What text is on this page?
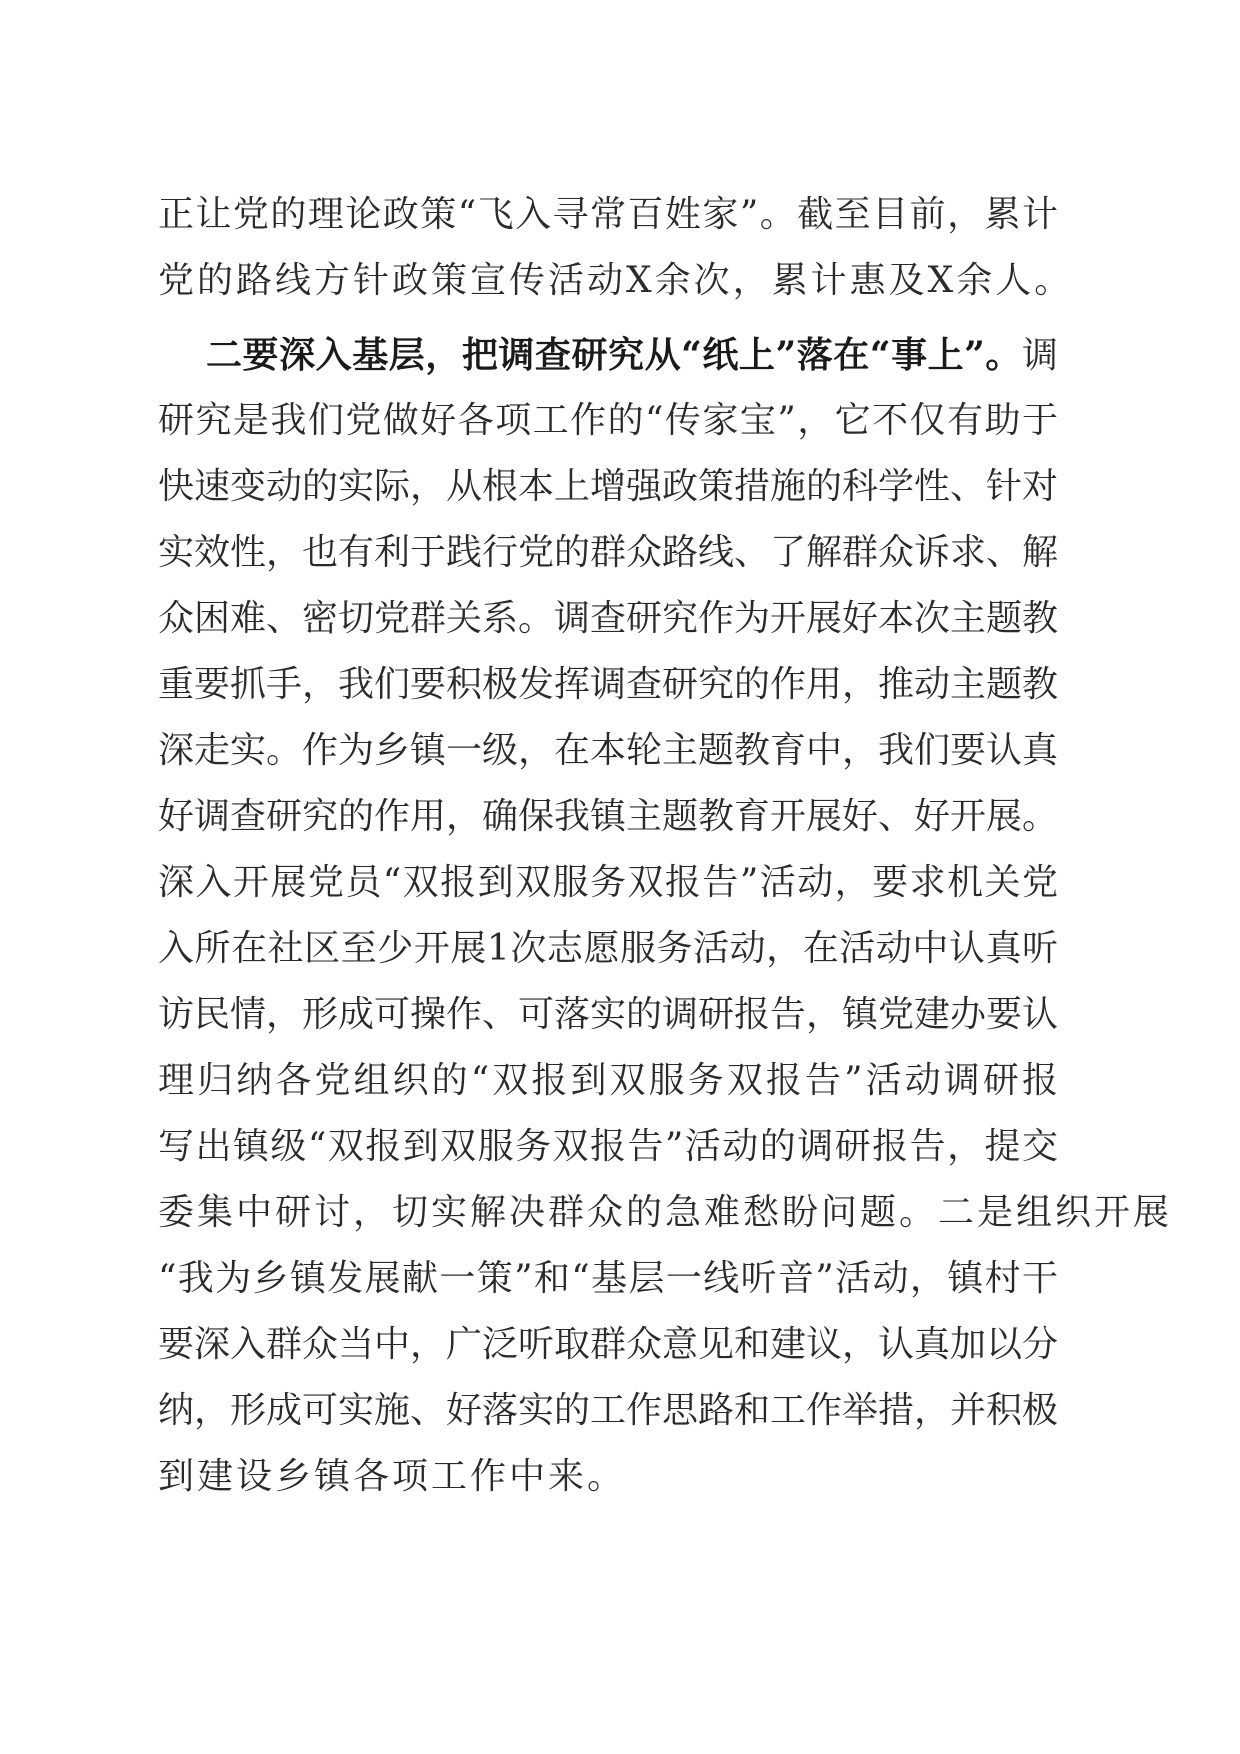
正让党的理论政策“飞入寻常百姓家”。截至目前，累计
党的路线方针政策宣传活动X余次，累计惠及X余人。
二要深入基层，把调查研究从“纸上”落在“事上”。调
研究是我们党做好各项工作的“传家宝”，它不仅有助于
快速变动的实际，从根本上增强政策措施的科学性、针对
实效性，也有利于践行党的群众路线、了解群众诉求、解
众困难、密切党群关系。调查研究作为开展好本次主题教
重要抓手，我们要积极发挥调查研究的作用，推动主题教
深走实。作为乡镇一级，在本轮主题教育中，我们要认真
好调查研究的作用，确保我镇主题教育开展好、好开展。
深入开展党员“双报到双服务双报告”活动，要求机关党
入所在社区至少开展1次志愿服务活动，在活动中认真听
访民情，形成可操作、可落实的调研报告，镇党建办要认
理归纳各党组织的“双报到双服务双报告”活动调研报
写出镇级“双报到双服务双报告”活动的调研报告，提交
委集中研讨，切实解决群众的急难愁盼问题。二是组织开展
“我为乡镇发展献一策”和“基层一线听音”活动，镇村干
要深入群众当中，广泛听取群众意见和建议，认真加以分
纳，形成可实施、好落实的工作思路和工作举措，并积极
到建设乡镇各项工作中来。
